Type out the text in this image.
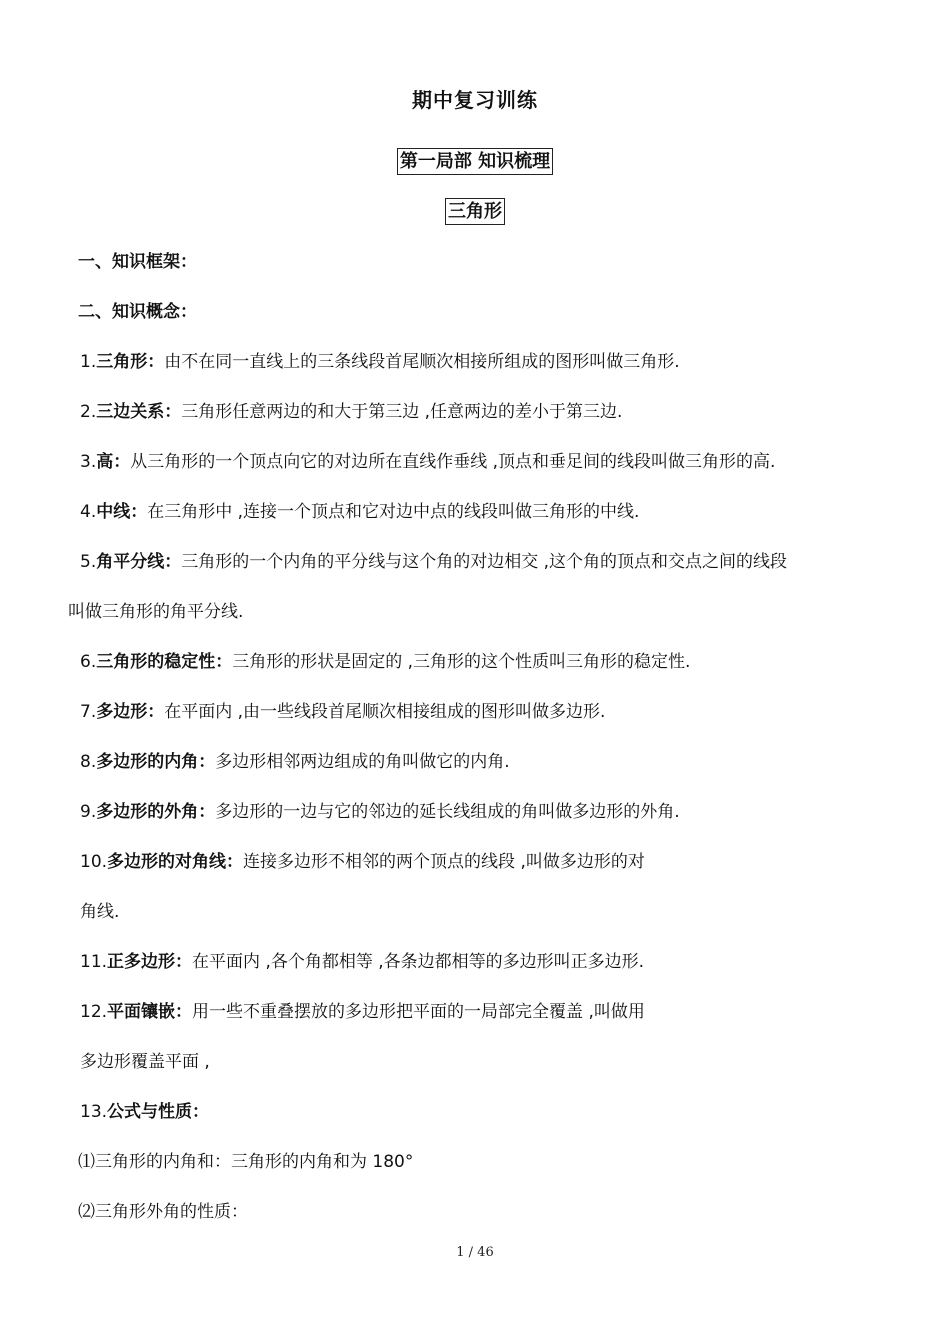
期中复习训练
第一局部 知识梳理
三角形
一、知识框架：
二、知识概念：
1.三角形：由不在同一直线上的三条线段首尾顺次相接所组成的图形叫做三角形.
2.三边关系：三角形任意两边的和大于第三边 ,任意两边的差小于第三边.
3.高：从三角形的一个顶点向它的对边所在直线作垂线 ,顶点和垂足间的线段叫做三角形的高.
4.中线：在三角形中 ,连接一个顶点和它对边中点的线段叫做三角形的中线.
5.角平分线：三角形的一个内角的平分线与这个角的对边相交 ,这个角的顶点和交点之间的线段
叫做三角形的角平分线.
6.三角形的稳定性：三角形的形状是固定的 ,三角形的这个性质叫三角形的稳定性.
7.多边形：在平面内 ,由一些线段首尾顺次相接组成的图形叫做多边形.
8.多边形的内角：多边形相邻两边组成的角叫做它的内角.
9.多边形的外角：多边形的一边与它的邻边的延长线组成的角叫做多边形的外角.
10.多边形的对角线：连接多边形不相邻的两个顶点的线段 ,叫做多边形的对
角线.
11.正多边形：在平面内 ,各个角都相等 ,各条边都相等的多边形叫正多边形.
12.平面镶嵌：用一些不重叠摆放的多边形把平面的一局部完全覆盖 ,叫做用
多边形覆盖平面 ,
13.公式与性质：
⑴三角形的内角和：三角形的内角和为 180°
⑵三角形外角的性质：
1 / 46
